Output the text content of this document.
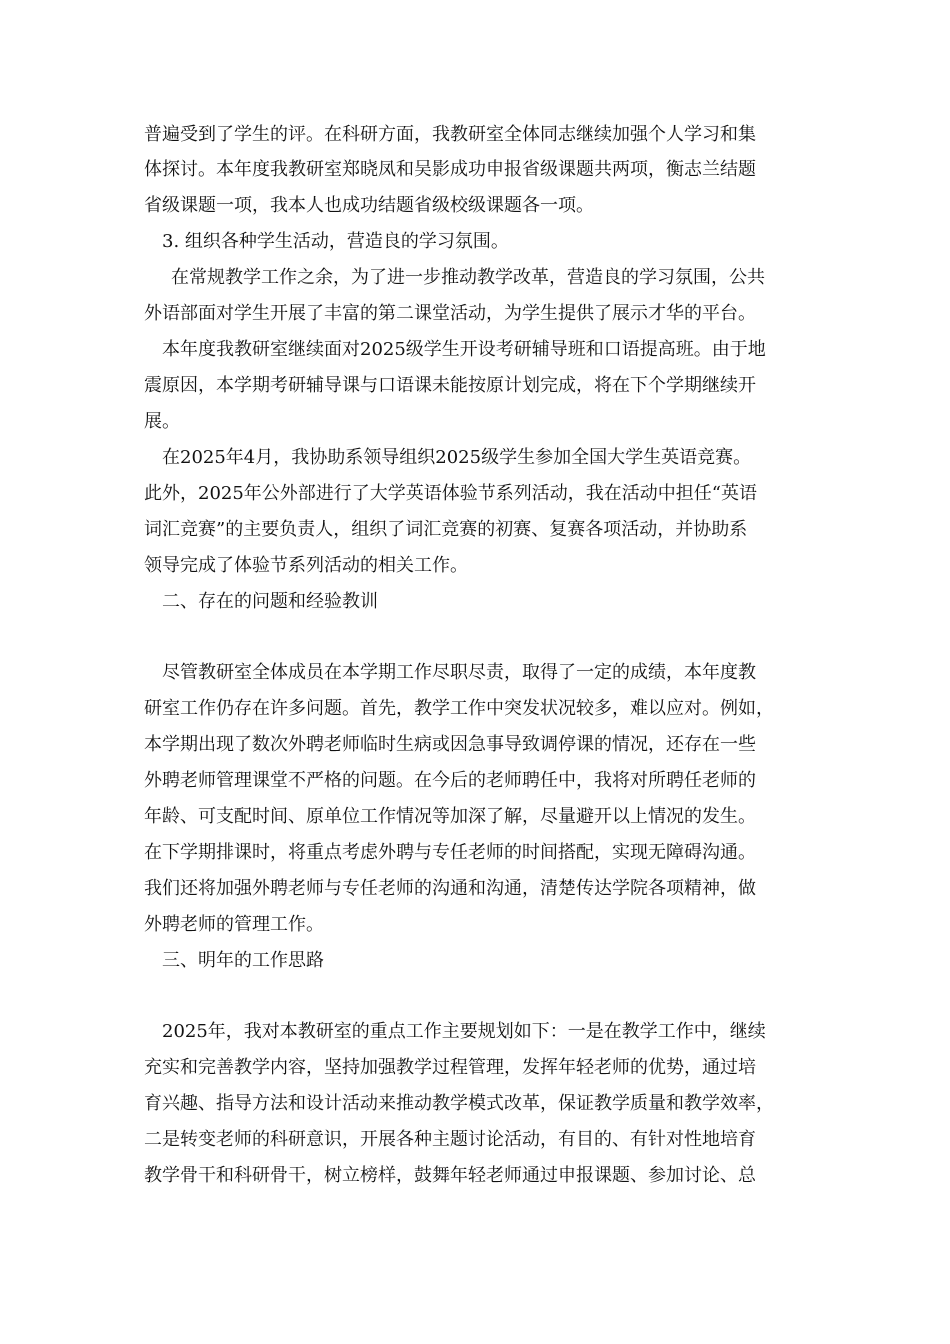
普遍受到了学生的评。在科研方面，我教研室全体同志继续加强个人学习和集
体探讨。本年度我教研室郑晓凤和吴影成功申报省级课题共两项，衡志兰结题
省级课题一项，我本人也成功结题省级校级课题各一项。
3. 组织各种学生活动，营造良的学习氛围。
在常规教学工作之余，为了进一步推动教学改革，营造良的学习氛围，公共
外语部面对学生开展了丰富的第二课堂活动，为学生提供了展示才华的平台。
本年度我教研室继续面对2025级学生开设考研辅导班和口语提高班。由于地
震原因，本学期考研辅导课与口语课未能按原计划完成，将在下个学期继续开
展。
在2025年4月，我协助系领导组织2025级学生参加全国大学生英语竞赛。
此外，2025年公外部进行了大学英语体验节系列活动，我在活动中担任“英语
词汇竞赛”的主要负责人，组织了词汇竞赛的初赛、复赛各项活动，并协助系
领导完成了体验节系列活动的相关工作。
二、存在的问题和经验教训
尽管教研室全体成员在本学期工作尽职尽责，取得了一定的成绩，本年度教
研室工作仍存在许多问题。首先，教学工作中突发状况较多，难以应对。例如，
本学期出现了数次外聘老师临时生病或因急事导致调停课的情况，还存在一些
外聘老师管理课堂不严格的问题。在今后的老师聘任中，我将对所聘任老师的
年龄、可支配时间、原单位工作情况等加深了解，尽量避开以上情况的发生。
在下学期排课时，将重点考虑外聘与专任老师的时间搭配，实现无障碍沟通。
我们还将加强外聘老师与专任老师的沟通和沟通，清楚传达学院各项精神，做
外聘老师的管理工作。
三、明年的工作思路
2025年，我对本教研室的重点工作主要规划如下：一是在教学工作中，继续
充实和完善教学内容，坚持加强教学过程管理，发挥年轻老师的优势，通过培
育兴趣、指导方法和设计活动来推动教学模式改革，保证教学质量和教学效率，
二是转变老师的科研意识，开展各种主题讨论活动，有目的、有针对性地培育
教学骨干和科研骨干，树立榜样，鼓舞年轻老师通过申报课题、参加讨论、总
